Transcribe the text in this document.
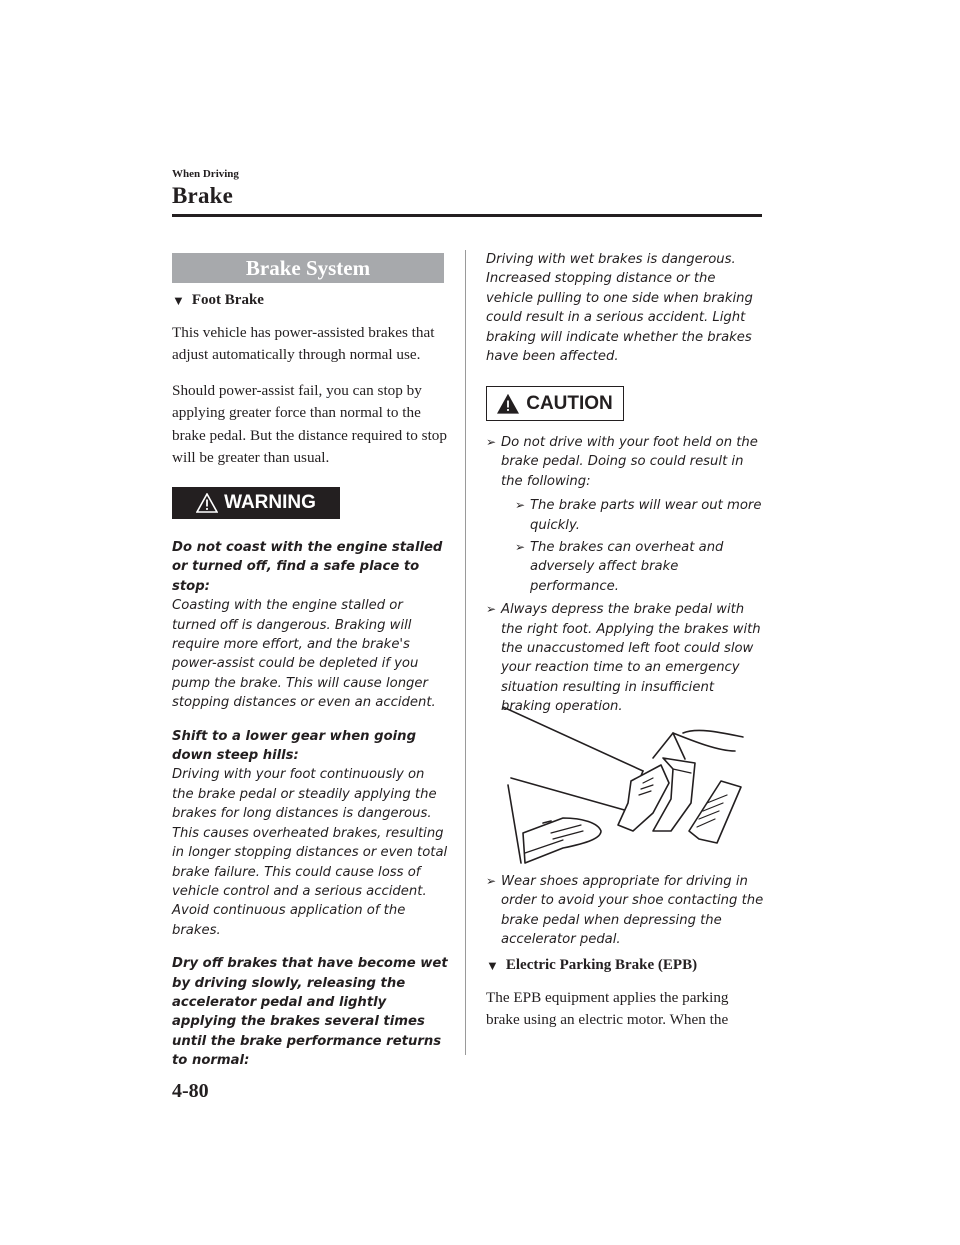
When Driving
Brake
Brake System
▼ Foot Brake

This vehicle has power-assisted brakes that adjust automatically through normal use.

Should power-assist fail, you can stop by applying greater force than normal to the brake pedal. But the distance required to stop will be greater than usual.

WARNING

Do not coast with the engine stalled or turned off, find a safe place to stop:
Coasting with the engine stalled or turned off is dangerous. Braking will require more effort, and the brake's power-assist could be depleted if you pump the brake. This will cause longer stopping distances or even an accident.

Shift to a lower gear when going down steep hills:
Driving with your foot continuously on the brake pedal or steadily applying the brakes for long distances is dangerous. This causes overheated brakes, resulting in longer stopping distances or even total brake failure. This could cause loss of vehicle control and a serious accident. Avoid continuous application of the brakes.

Dry off brakes that have become wet by driving slowly, releasing the accelerator pedal and lightly applying the brakes several times until the brake performance returns to normal:

Driving with wet brakes is dangerous. Increased stopping distance or the vehicle pulling to one side when braking could result in a serious accident. Light braking will indicate whether the brakes have been affected.
CAUTION
➢ Do not drive with your foot held on the brake pedal. Doing so could result in the following:
➢ The brake parts will wear out more quickly.
➢ The brakes can overheat and adversely affect brake performance.
➢ Always depress the brake pedal with the right foot. Applying the brakes with the unaccustomed left foot could slow your reaction time to an emergency situation resulting in insufficient braking operation.
➢ Wear shoes appropriate for driving in order to avoid your shoe contacting the brake pedal when depressing the accelerator pedal.
▼ Electric Parking Brake (EPB)
The EPB equipment applies the parking brake using an electric motor. When the
4-80
